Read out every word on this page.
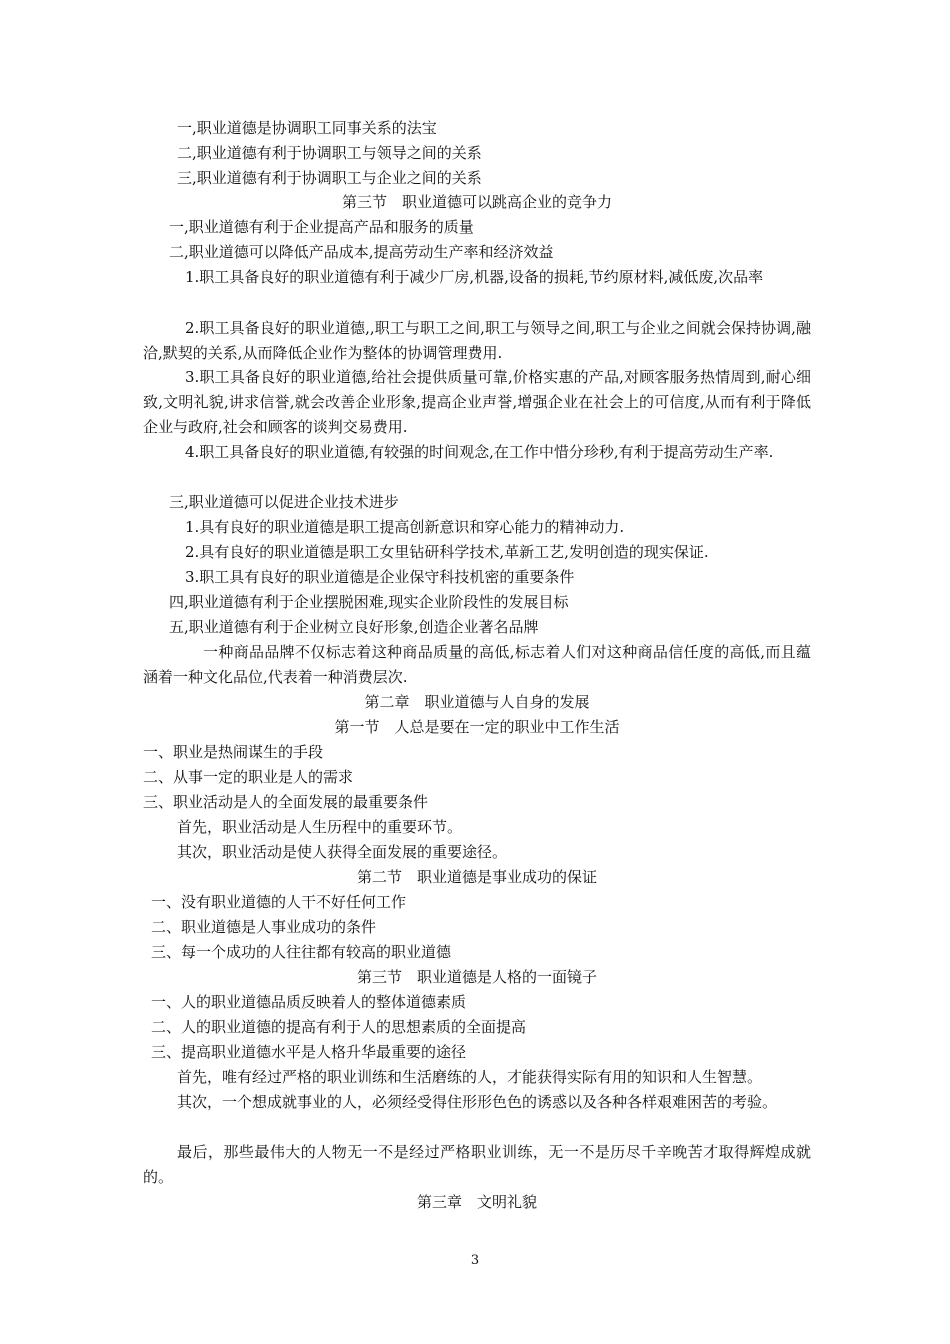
一,职业道德是协调职工同事关系的法宝
二,职业道德有利于协调职工与领导之间的关系
三,职业道德有利于协调职工与企业之间的关系
第三节　职业道德可以跳高企业的竞争力
一,职业道德有利于企业提高产品和服务的质量
二,职业道德可以降低产品成本,提高劳动生产率和经济效益
1.职工具备良好的职业道德有利于减少厂房,机器,设备的损耗,节约原材料,减低废,次品率
2.职工具备良好的职业道德,,职工与职工之间,职工与领导之间,职工与企业之间就会保持协调,融洽,默契的关系,从而降低企业作为整体的协调管理费用.
3.职工具备良好的职业道德,给社会提供质量可靠,价格实惠的产品,对顾客服务热情周到,耐心细致,文明礼貌,讲求信誉,就会改善企业形象,提高企业声誉,增强企业在社会上的可信度,从而有利于降低企业与政府,社会和顾客的谈判交易费用.
4.职工具备良好的职业道德,有较强的时间观念,在工作中惜分珍秒,有利于提高劳动生产率.
三,职业道德可以促进企业技术进步
1.具有良好的职业道德是职工提高创新意识和穿心能力的精神动力.
2.具有良好的职业道德是职工女里钻研科学技术,革新工艺,发明创造的现实保证.
3.职工具有良好的职业道德是企业保守科技机密的重要条件
四,职业道德有利于企业摆脱困难,现实企业阶段性的发展目标
五,职业道德有利于企业树立良好形象,创造企业著名品牌
一种商品品牌不仅标志着这种商品质量的高低,标志着人们对这种商品信任度的高低,而且蕴涵着一种文化品位,代表着一种消费层次.
第二章　职业道德与人自身的发展
第一节　人总是要在一定的职业中工作生活
一、职业是热闹谋生的手段
二、从事一定的职业是人的需求
三、职业活动是人的全面发展的最重要条件
首先，职业活动是人生历程中的重要环节。
其次，职业活动是使人获得全面发展的重要途径。
第二节　职业道德是事业成功的保证
一、没有职业道德的人干不好任何工作
二、职业道德是人事业成功的条件
三、每一个成功的人往往都有较高的职业道德
第三节　职业道德是人格的一面镜子
一、人的职业道德品质反映着人的整体道德素质
二、人的职业道德的提高有利于人的思想素质的全面提高
三、提高职业道德水平是人格升华最重要的途径
首先，唯有经过严格的职业训练和生活磨练的人，才能获得实际有用的知识和人生智慧。
其次，一个想成就事业的人，必须经受得住形形色色的诱惑以及各种各样艰难困苦的考验。
最后，那些最伟大的人物无一不是经过严格职业训练，无一不是历尽千辛晚苦才取得辉煌成就的。
第三章　文明礼貌
3
